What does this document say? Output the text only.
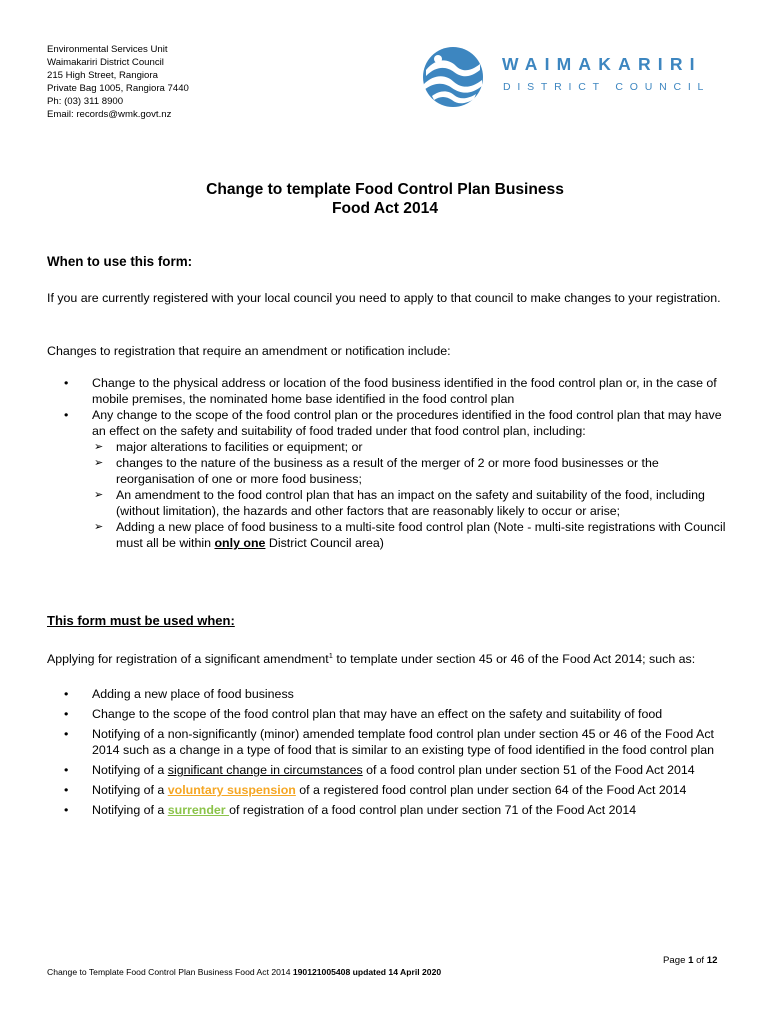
Environmental Services Unit
Waimakariri District Council
215 High Street, Rangiora
Private Bag 1005, Rangiora 7440
Ph: (03) 311 8900
Email: records@wmk.govt.nz
WAIMAKARIRI
DISTRICT COUNCIL
Change to template Food Control Plan Business
Food Act 2014
When to use this form:
If you are currently registered with your local council you need to apply to that council to make changes to your registration.
Changes to registration that require an amendment or notification include:
• Change to the physical address or location of the food business identified in the food control plan or, in the case of mobile premises, the nominated home base identified in the food control plan
• Any change to the scope of the food control plan or the procedures identified in the food control plan that may have an effect on the safety and suitability of food traded under that food control plan, including:
➢ major alterations to facilities or equipment; or
➢ changes to the nature of the business as a result of the merger of 2 or more food businesses or the reorganisation of one or more food business;
➢ An amendment to the food control plan that has an impact on the safety and suitability of the food, including (without limitation), the hazards and other factors that are reasonably likely to occur or arise;
➢ Adding a new place of food business to a multi-site food control plan (Note - multi-site registrations with Council must all be within only one District Council area)
This form must be used when:
Applying for registration of a significant amendment$^1$ to template under section 45 or 46 of the Food Act 2014; such as:
• Adding a new place of food business
• Change to the scope of the food control plan that may have an effect on the safety and suitability of food
• Notifying of a non-significantly (minor) amended template food control plan under section 45 or 46 of the Food Act 2014 such as a change in a type of food that is similar to an existing type of food identified in the food control plan
• Notifying of a significant change in circumstances of a food control plan under section 51 of the Food Act 2014
• Notifying of a voluntary suspension of a registered food control plan under section 64 of the Food Act 2014
• Notifying of a surrender of registration of a food control plan under section 71 of the Food Act 2014
Page 1 of 12
Change to Template Food Control Plan Business Food Act 2014 190121005408 updated 14 April 2020
